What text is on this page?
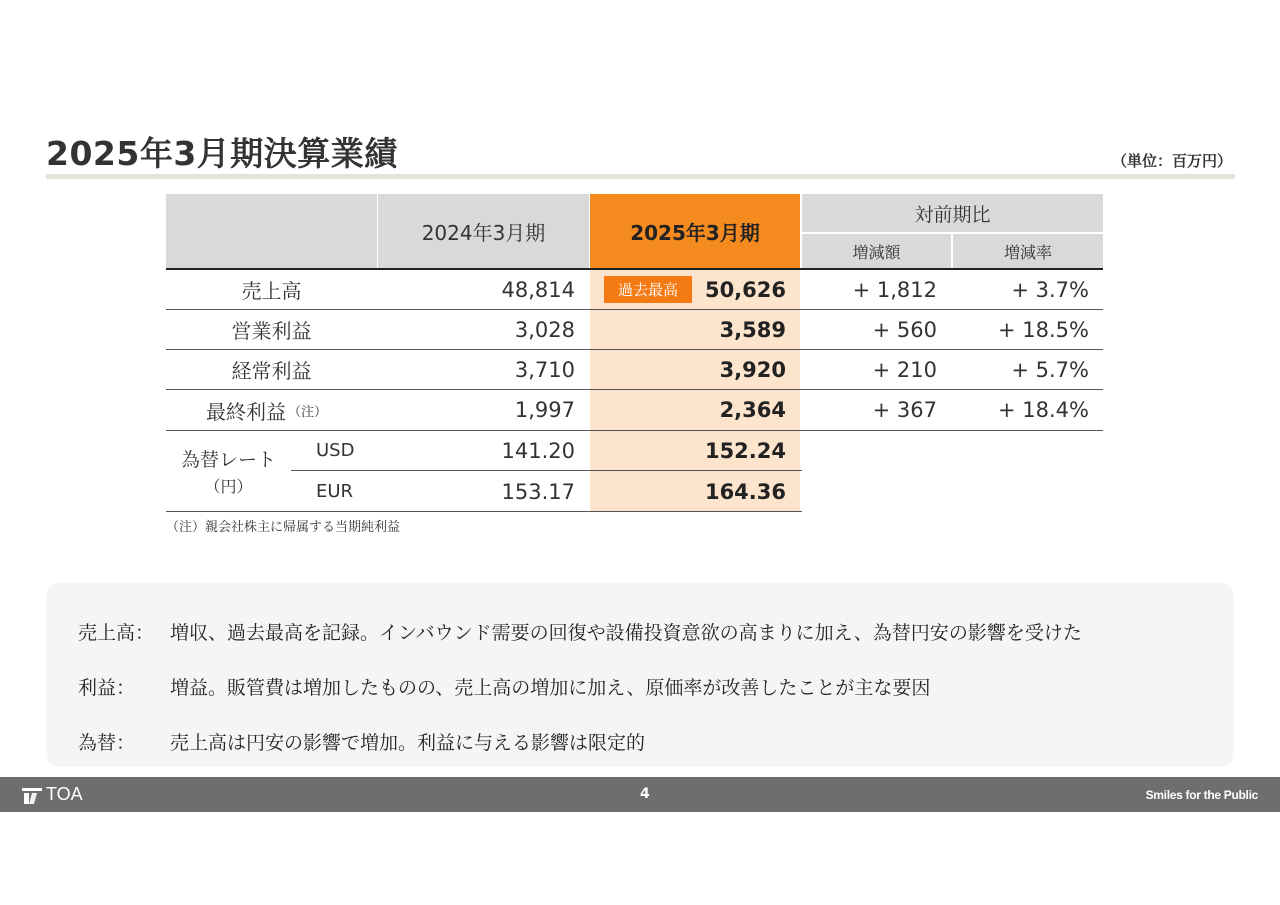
2025年3月期決算業績	（単位：百万円）
2024年3月期	2025年3月期
対前期比
増減額	増減率
売上高	48,814	50,626	+ 1,812	+ 3.7%
営業利益	3,028	3,589	+ 560	+ 18.5%
経常利益	3,710	3,920	+ 210	+ 5.7%
最終利益 （注）	1,997	2,364	+ 367	+ 18.4%
為替レート
（円）
USD	141.20	152.24
EUR	153.17	164.36
過去最高
（注）親会社株主に帰属する当期純利益
売上高： 増収、過去最高を記録。インバウンド需要の回復や設備投資意欲の高まりに加え、為替円安の影響を受けた
利益： 増益。販管費は増加したものの、売上高の増加に加え、原価率が改善したことが主な要因
為替： 売上高は円安の影響で増加。利益に与える影響は限定的
TOA	4	Smiles for the Public
